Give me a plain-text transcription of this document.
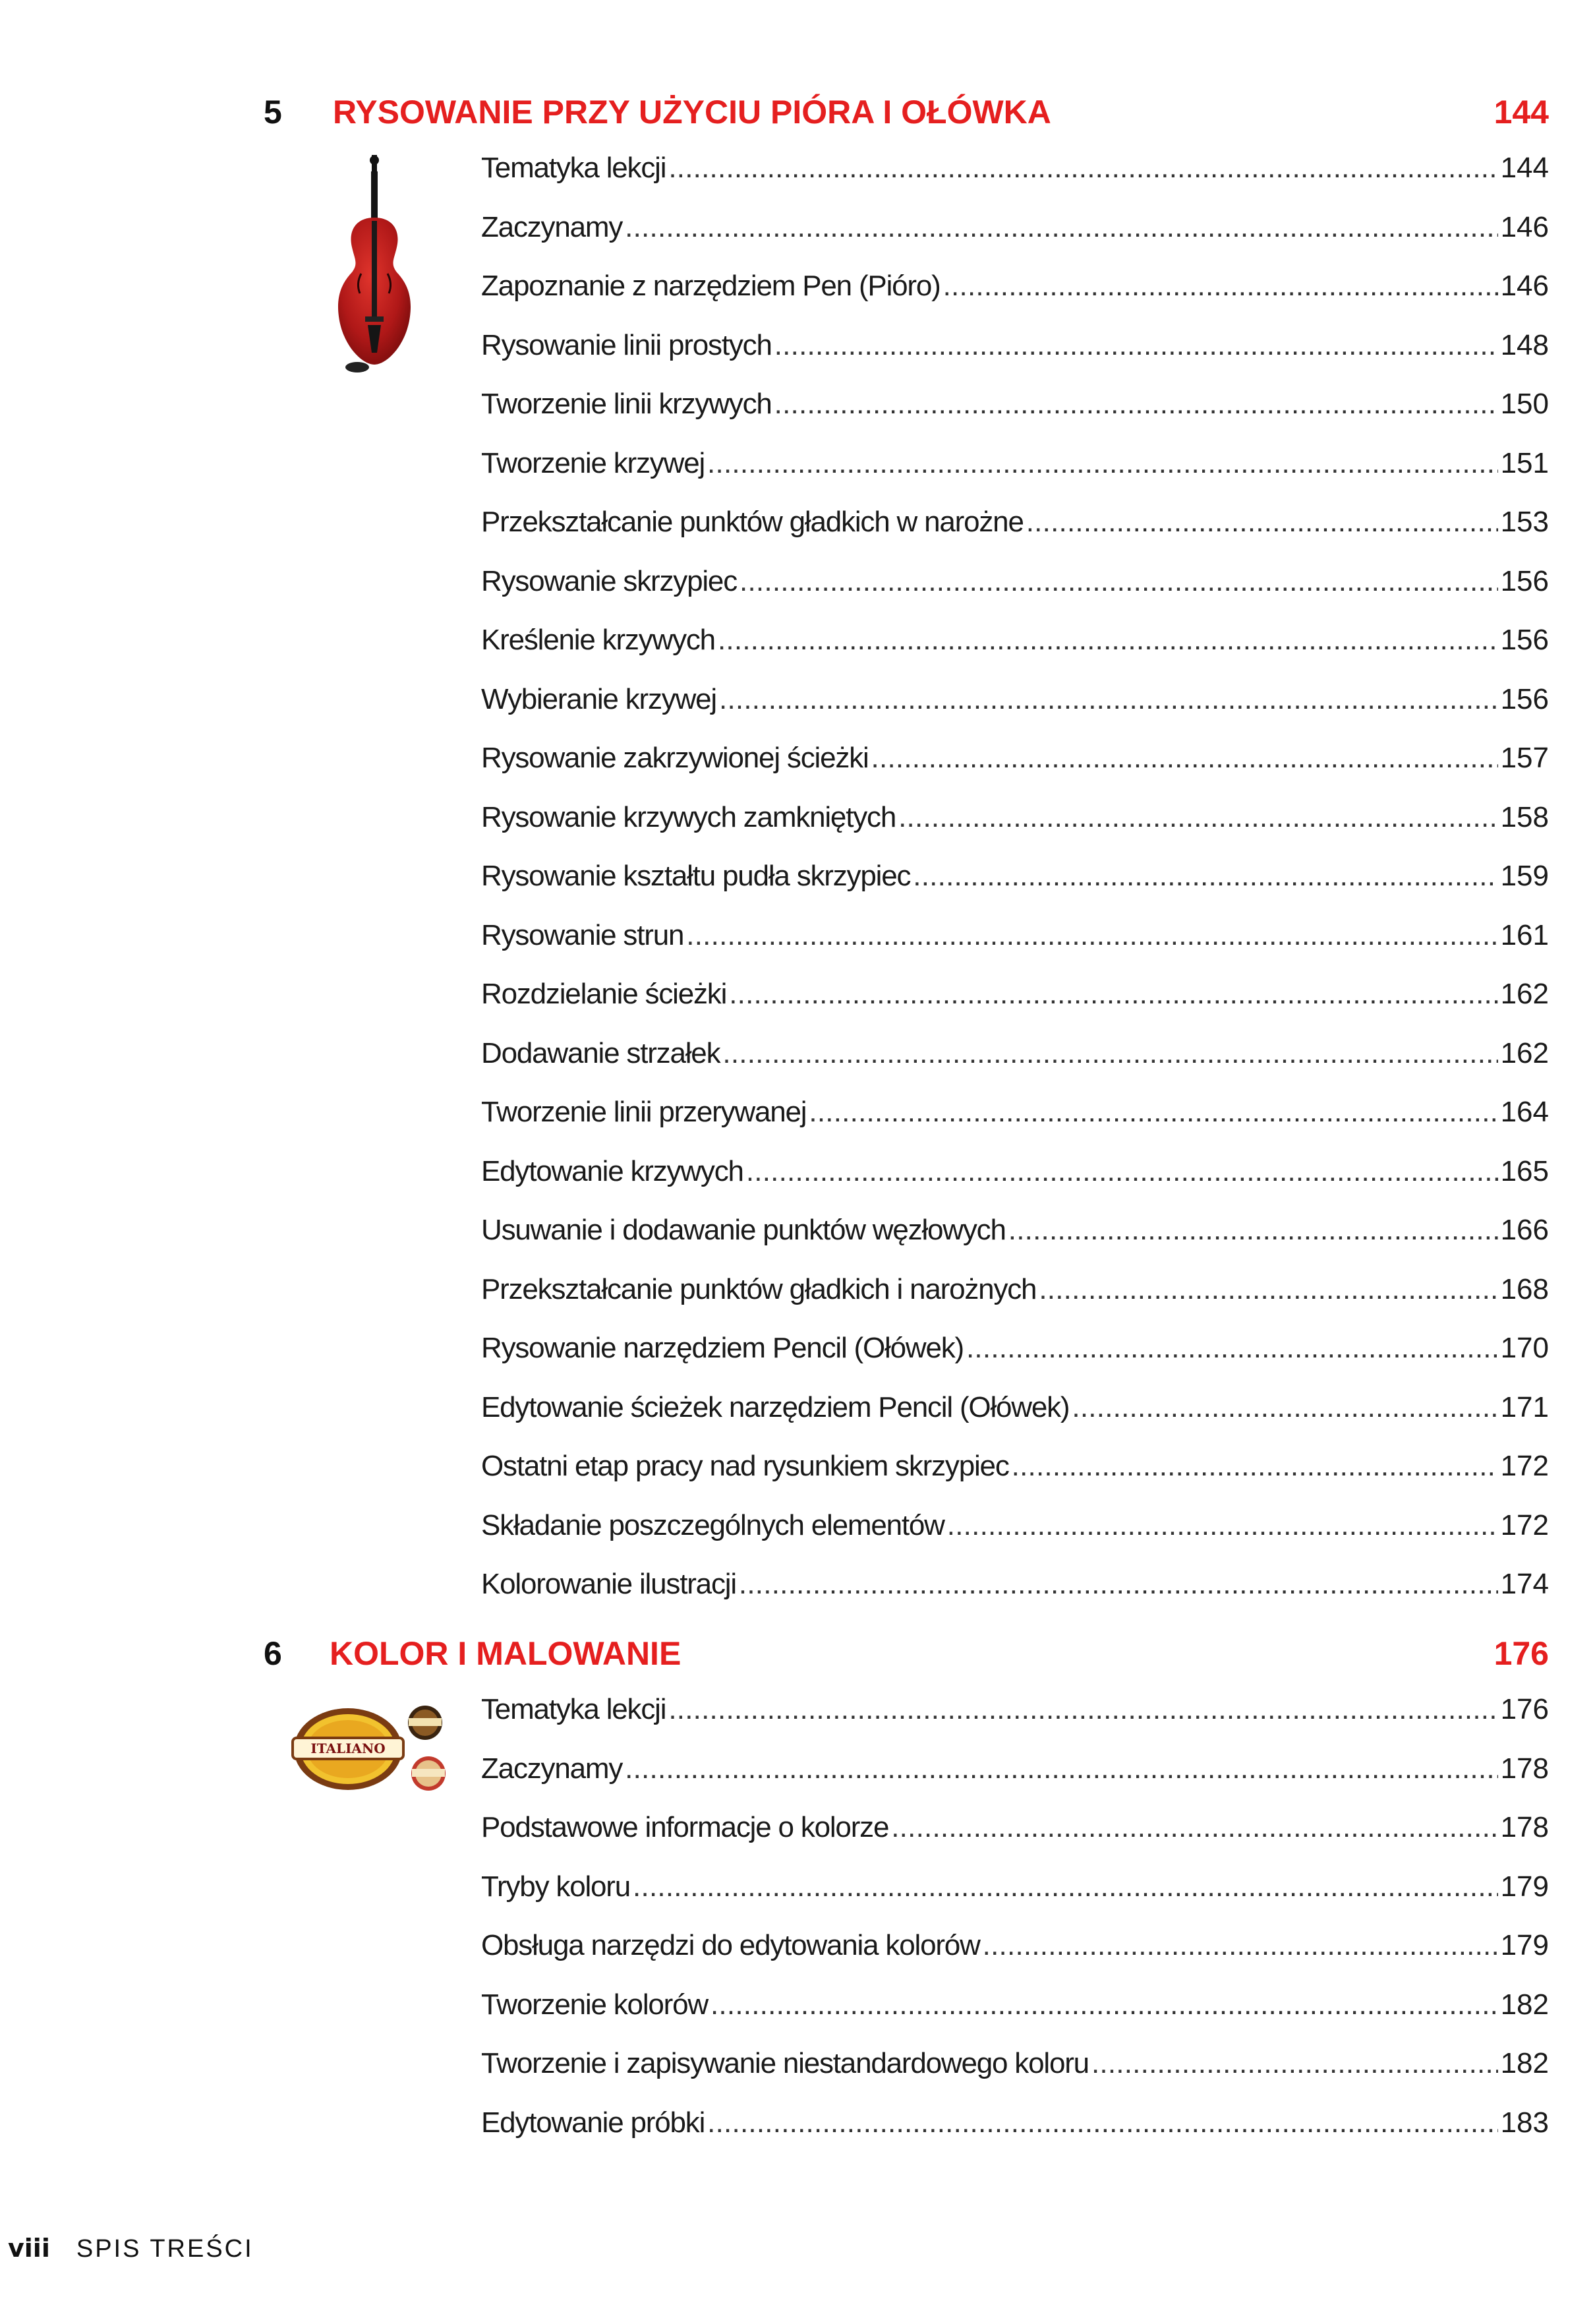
5 RYSOWANIE PRZY UŻYCIU PIÓRA I OŁÓWKA	144
Tematyka lekcji . . .	144
Zaczynamy . . .	146
Zapoznanie z narzędziem Pen (Pióro) . . .	146
Rysowanie linii prostych . . .	148
Tworzenie linii krzywych . . .	150
Tworzenie krzywej . . .	151
Przekształcanie punktów gładkich w narożne . . .	153
Rysowanie skrzypiec . . .	156
Kreślenie krzywych . . .	156
Wybieranie krzywej . . .	156
Rysowanie zakrzywionej ścieżki . . .	157
Rysowanie krzywych zamkniętych . . .	158
Rysowanie kształtu pudła skrzypiec . . .	159
Rysowanie strun . . .	161
Rozdzielanie ścieżki . . .	162
Dodawanie strzałek . . .	162
Tworzenie linii przerywanej . . .	164
Edytowanie krzywych . . .	165
Usuwanie i dodawanie punktów węzłowych . . .	166
Przekształcanie punktów gładkich i narożnych . . .	168
Rysowanie narzędziem Pencil (Ołówek) . . .	170
Edytowanie ścieżek narzędziem Pencil (Ołówek) . . .	171
Ostatni etap pracy nad rysunkiem skrzypiec . . .	172
Składanie poszczególnych elementów . . .	172
Kolorowanie ilustracji . . .	174
6 KOLOR I MALOWANIE	176
Tematyka lekcji . . .	176
Zaczynamy . . .	178
Podstawowe informacje o kolorze . . .	178
Tryby koloru . . .	179
Obsługa narzędzi do edytowania kolorów . . .	179
Tworzenie kolorów . . .	182
Tworzenie i zapisywanie niestandardowego koloru . . .	182
Edytowanie próbki . . .	183
ITALIANO
viii SPIS TREŚCI
